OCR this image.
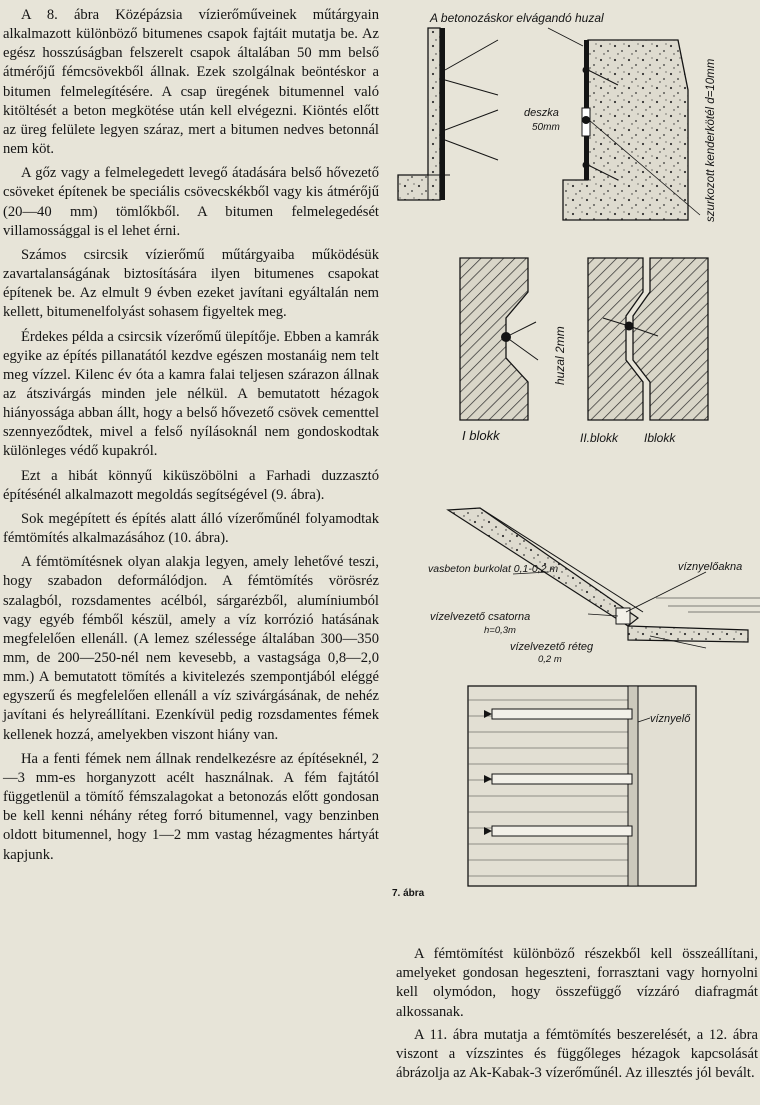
A 8. ábra Középázsia vízierőműveinek műtárgyain alkalmazott különböző bitumenes csapok fajtáit mutatja be. Az egész hosszúságban felszerelt csapok általában 50 mm belső átmérőjű fémcsövekből állnak. Ezek szolgálnak beöntéskor a bitumen felmelegítésére. A csap üregének bitumennel való kitöltését a beton megkötése után kell elvégezni. Kiöntés előtt az üreg felülete legyen száraz, mert a bitumen nedves betonnál nem köt.

A gőz vagy a felmelegedett levegő átadására belső hővezető csöveket építenek be speciális csövecskékből vagy kis átmérőjű (20—40 mm) tömlőkből. A bitumen felmelegedését villamossággal is el lehet érni.

Számos csircsik vízierőmű műtárgyaiba működésük zavartalanságának biztosítására ilyen bitumenes csapokat építenek be. Az elmult 9 évben ezeket javítani egyáltalán nem kellett, bitumenelfolyást sohasem figyeltek meg.

Érdekes példa a csircsik vízerőmű ülepítője. Ebben a kamrák egyike az építés pillanatától kezdve egészen mostanáig nem telt meg vízzel. Kilenc év óta a kamra falai teljesen szárazon állnak az átszivárgás minden jele nélkül. A bemutatott hézagok hiányossága abban állt, hogy a belső hővezető csövek cementtel szennyeződtek, mivel a felső nyílásoknál nem gondoskodtak különleges védő kupakról.

Ezt a hibát könnyű kiküszöbölni a Farhadi duzzasztó építésénél alkalmazott megoldás segítségével (9. ábra).

Sok megépített és építés alatt álló vízerőműnél folyamodtak fémtömítés alkalmazásához (10. ábra).

A fémtömítésnek olyan alakja legyen, amely lehetővé teszi, hogy szabadon deformálódjon. A fémtömítés vörösréz szalagból, rozsdamentes acélból, sárgarézből, alumíniumból vagy egyéb fémből készül, amely a víz korrózió hatásának megfelelően ellenáll. (A lemez szélessége általában 300—350 mm, de 200—250-nél nem kevesebb, a vastagsága 0,8—2,0 mm.) A bemutatott tömítés a kivitelezés szempontjából eléggé egyszerű és megfelelően ellenáll a víz szivárgásának, de nehéz javítani és helyreállítani. Ezenkívül pedig rozsdamentes fémek kellenek hozzá, amelyekben viszont hiány van.

Ha a fenti fémek nem állnak rendelkezésre az építéseknél, 2—3 mm-es horganyzott acélt használnak. A fém fajtától függetlenül a tömítő fémszalagokat a betonozás előtt gondosan be kell kenni néhány réteg forró bitumennel, vagy benzinben oldott bitumennel, hogy 1—2 mm vastag hézagmentes hártyát kapjunk.

A betonozáskor elvágandó huzal
deszka
50mm	szurkozott kenderkötél d=10mm
huzal 2mm
I blokk	II.blokk Iblokk
vasbeton burkolat 0,1-0,2 m	víznyelőakna
vízelvezető csatorna
h=0,3m
vízelvezető réteg
0,2 m
víznyelő
7. ábra

A fémtömítést különböző részekből kell összeállítani, amelyeket gondosan hegeszteni, forrasztani vagy hornyolni kell olymódon, hogy összefüggő vízzáró diafragmát alkossanak.

A 11. ábra mutatja a fémtömítés beszerelését, a 12. ábra viszont a vízszintes és függőleges hézagok kapcsolását ábrázolja az Ak-Kabak-3 vízerőműnél. Az illesztés jól bevált.
